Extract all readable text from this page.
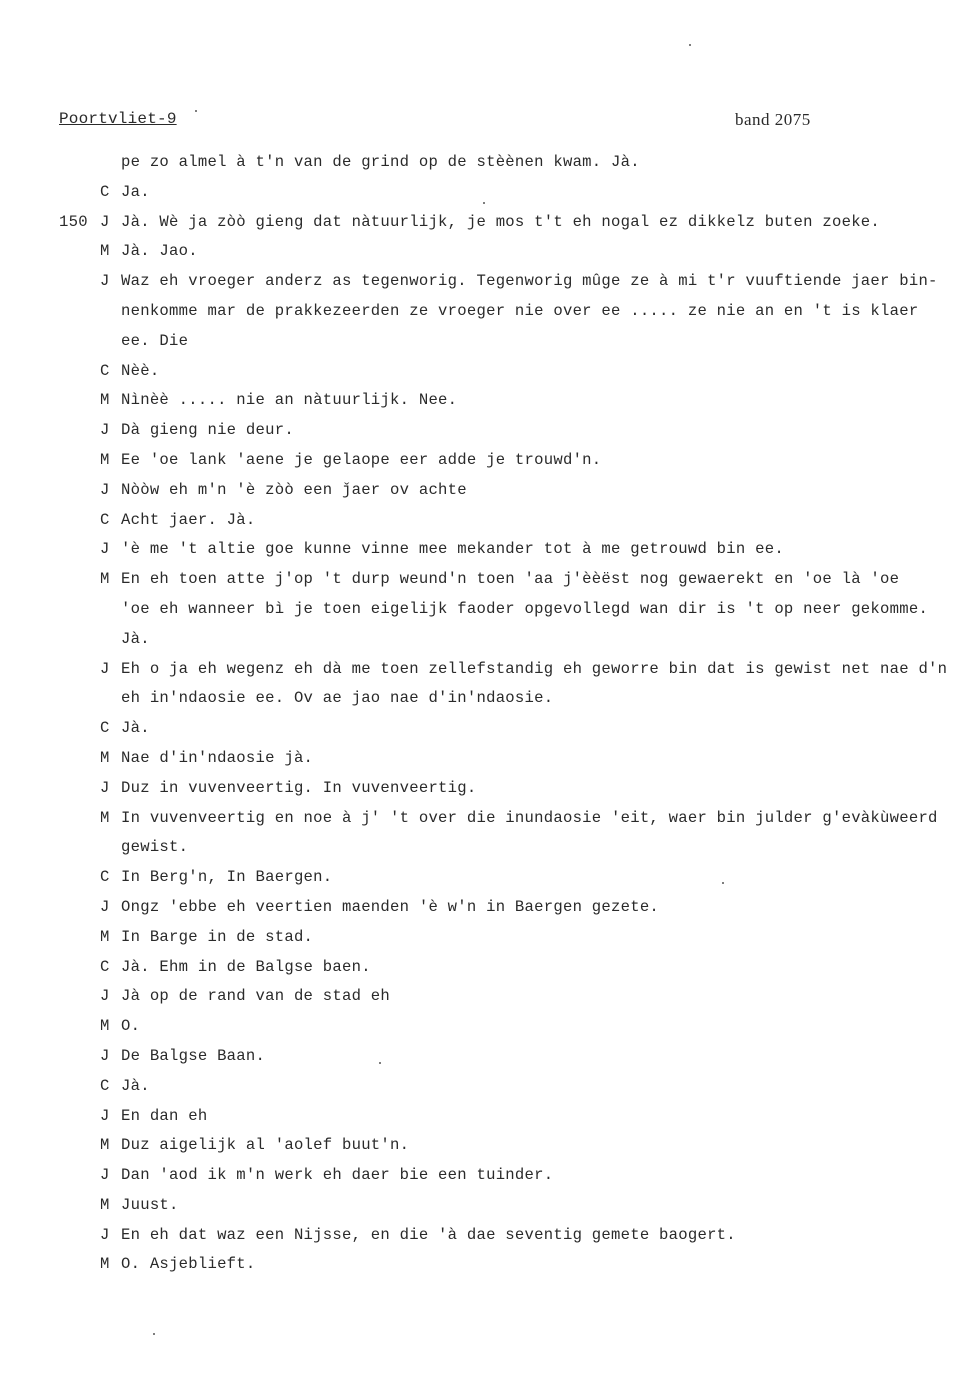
Poortvliet-9	band 2075
pe zo almel à t'n van de grind op de stèènen kwam. Jà.
C Ja.
150 J Jà. Wè ja zòò gieng dat nàtuurlijk, je mos t't eh nogal ez dikkelz buten zoeke.
M Jà. Jao.
J Waz eh vroeger anderz as tegenworig. Tegenworig mûge ze à mi t'r vuuftiende jaer bin-
nenkomme mar de prakkezeerden ze vroeger nie over ee ..... ze nie an en 't is klaer
ee. Die
C Nèè.
M Nìnèè ..... nie an nàtuurlijk. Nee.
J Dà gieng nie deur.
M Ee 'oe lank 'aene je gelaope eer adde je trouwd'n.
J Nòòw eh m'n 'è zòò een ǰaer ov achte
C Acht jaer. Jà.
J 'è me 't altie goe kunne vinne mee mekander tot à me getrouwd bin ee.
M En eh toen atte j'op 't durp weund'n toen 'aa j'èèëst nog gewaerekt en 'oe là 'oe
'oe eh wanneer bì je toen eigelijk faoder opgevollegd wan dir is 't op neer gekomme.
Jà.
J Eh o ja eh wegenz eh dà me toen zellefstandig eh geworre bin dat is gewist net nae d'n
eh in'ndaosie ee. Ov ae jao nae d'in'ndaosie.
C Jà.
M Nae d'in'ndaosie jà.
J Duz in vuvenveertig. In vuvenveertig.
M In vuvenveertig en noe à j' 't over die inundaosie 'eit, waer bin julder g'evàkùweerd
gewist.
C In Berg'n, In Baergen.
J Ongz 'ebbe eh veertien maenden 'è w'n in Baergen gezete.
M In Barge in de stad.
C Jà. Ehm in de Balgse baen.
J Jà op de rand van de stad eh
M O.
J De Balgse Baan.
C Jà.
J En dan eh
M Duz aigelijk al 'aolef buut'n.
J Dan 'aod ik m'n werk eh daer bie een tuinder.
M Juust.
J En eh dat waz een Nijsse, en die 'à dae seventig gemete baogert.
M O. Asjeblieft.
